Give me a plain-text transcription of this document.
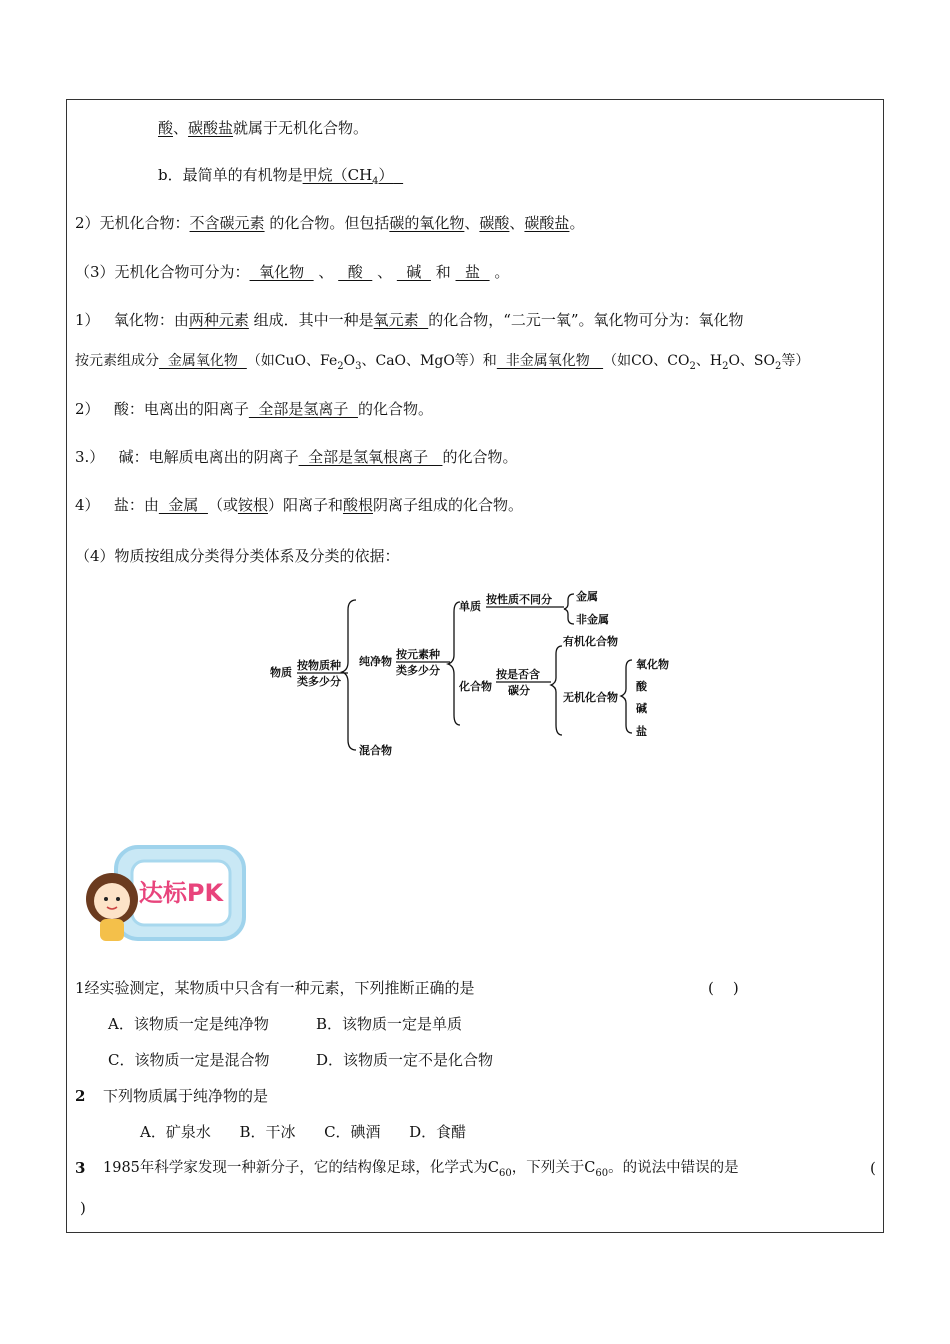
酸、碳酸盐就属于无机化合物。
b．最简单的有机物是甲烷$(CH_4)$
2）无机化合物：不含碳元素 的化合物。但包括碳的氧化物、碳酸、碳酸盐。
（3）无机化合物可分为：  氧化物   、   酸   、   碱   和   盐   。
1）   氧化物：由两种元素 组成．其中一种是氧元素  的化合物，“二元一氧”。氧化物可分为：氧化物
按元素组成分  金属氧化物  （如CuO、$Fe_2O_3$、CaO、MgO等）和  非金属氧化物   （如CO、$CO_2$、$H_2O$、$SO_2$等）
2）   酸：电离出的阳离子  全部是氢离子  的化合物。
3.）   碱：电解质电离出的阴离子  全部是氢氧根离子   的化合物。
4）   盐：由  金属  （或铵根）阳离子和酸根阴离子组成的化合物。
（4）物质按组成分类得分类体系及分类的依据：
物质
按物质种
类多少分
纯净物
按元素种
类多少分
单质
按性质不同分 金属
非金属
化合物
按是否含
碳分
有机化合物
无机化合物
氧化物
酸
碱
盐
混合物
达标PK
1经实验测定，某物质中只含有一种元素，下列推断正确的是	(    )
A．该物质一定是纯净物	B．该物质一定是单质
C．该物质一定是混合物	D．该物质一定不是化合物
2 下列物质属于纯净物的是
A．矿泉水      B．干冰      C．碘酒      D．食醋
3 1985年科学家发现一种新分子，它的结构像足球，化学式为$C_{60}$，下列关于$C_{60}$。的说法中错误的是	(
)
